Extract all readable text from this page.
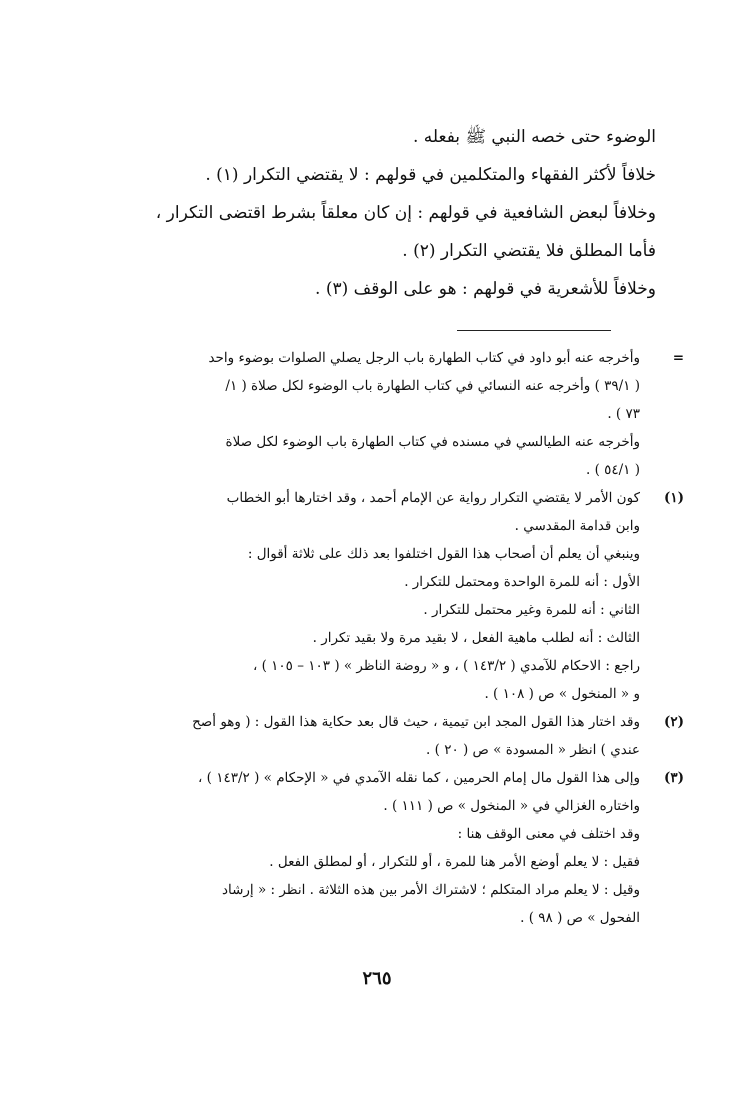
الوضوء حتى خصه النبي ﷺ بفعله .

خلافاً لأكثر الفقهاء والمتكلمين في قولهم : لا يقتضي التكرار (١) .

وخلافاً لبعض الشافعية في قولهم : إن كان معلقاً بشرط اقتضى التكرار ،

فأما المطلق فلا يقتضي التكرار (٢) .

وخلافاً للأشعرية في قولهم : هو على الوقف (٣) .

=
وأخرجه عنه أبو داود في كتاب الطهارة باب الرجل يصلي الصلوات بوضوء واحد
( ٣٩/١ ) وأخرجه عنه النسائي في كتاب الطهارة باب الوضوء لكل صلاة ( ١/
٧٣ ) .
وأخرجه عنه الطيالسي في مسنده في كتاب الطهارة باب الوضوء لكل صلاة
( ٥٤/١ ) .
(١)
كون الأمر لا يقتضي التكرار رواية عن الإمام أحمد ، وقد اختارها أبو الخطاب
وابن قدامة المقدسي .
وينبغي أن يعلم أن أصحاب هذا القول اختلفوا بعد ذلك على ثلاثة أقوال :
الأول : أنه للمرة الواحدة ومحتمل للتكرار .
الثاني : أنه للمرة وغير محتمل للتكرار .
الثالث : أنه لطلب ماهية الفعل ، لا بقيد مرة ولا بقيد تكرار .
راجع : الاحكام للآمدي ( ١٤٣/٢ ) ، و « روضة الناظر » ( ١٠٣ – ١٠٥ ) ،
و « المنخول » ص ( ١٠٨ ) .
(٢)
وقد اختار هذا القول المجد ابن تيمية ، حيث قال بعد حكاية هذا القول : ( وهو أصح
عندي ) انظر « المسودة » ص ( ٢٠ ) .
(٣)
وإلى هذا القول مال إمام الحرمين ، كما نقله الآمدي في « الإحكام » ( ١٤٣/٢ ) ،
واختاره الغزالي في « المنخول » ص ( ١١١ ) .
وقد اختلف في معنى الوقف هنا :
فقيل : لا يعلم أوضع الأمر هنا للمرة ، أو للتكرار ، أو لمطلق الفعل .
وقيل : لا يعلم مراد المتكلم ؛ لاشتراك الأمر بين هذه الثلاثة . انظر : « إرشاد
الفحول » ص ( ٩٨ ) .
٢٦٥
